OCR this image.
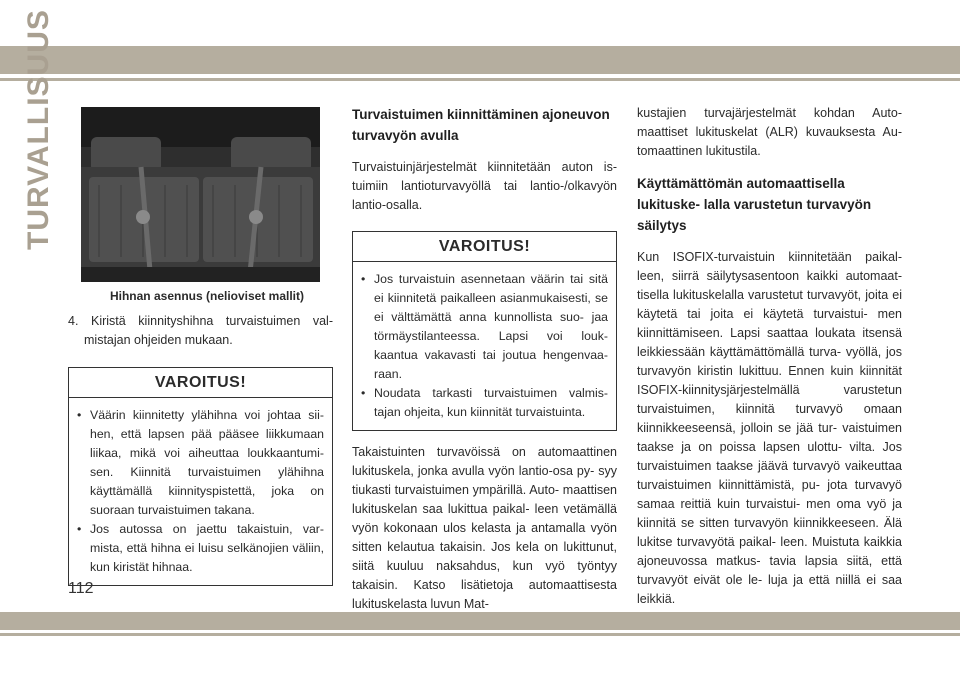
TURVALLISUUS
Hihnan asennus (nelioviset mallit)
4. Kiristä kiinnityshihna turvaistuimen val- mistajan ohjeiden mukaan.
VAROITUS!
• Väärin kiinnitetty ylähihna voi johtaa sii- hen, että lapsen pää pääsee liikkumaan liikaa, mikä voi aiheuttaa loukkaantumi- sen. Kiinnitä turvaistuimen ylähihna käyttämällä kiinnityspistettä, joka on suoraan turvaistuimen takana.
• Jos autossa on jaettu takaistuin, var- mista, että hihna ei luisu selkänojien väliin, kun kiristät hihnaa.
Turvaistuimen kiinnittäminen ajoneuvon turvavyön avulla

Turvaistuinjärjestelmät kiinnitetään auton is- tuimiin lantioturvavyöllä tai lantio-/olkavyön lantio-osalla.

VAROITUS!
• Jos turvaistuin asennetaan väärin tai sitä ei kiinnitetä paikalleen asianmukaisesti, se ei välttämättä anna kunnollista suo- jaa törmäystilanteessa. Lapsi voi louk- kaantua vakavasti tai joutua hengenvaa- raan.
• Noudata tarkasti turvaistuimen valmis- tajan ohjeita, kun kiinnität turvaistuinta.

Takaistuinten turvavöissä on automaattinen lukituskela, jonka avulla vyön lantio-osa py- syy tiukasti turvaistuimen ympärillä. Auto- maattisen lukituskelan saa lukittua paikal- leen vetämällä vyön kokonaan ulos kelasta ja antamalla vyön sitten kelautua takaisin. Jos kela on lukittunut, siitä kuuluu naksahdus, kun vyö työntyy takaisin. Katso lisätietoja automaattisesta lukituskelasta luvun Mat-

kustajien turvajärjestelmät kohdan Auto- maattiset lukituskelat (ALR) kuvauksesta Au- tomaattinen lukitustila.

Käyttämättömän automaattisella lukituske- lalla varustetun turvavyön säilytys

Kun ISOFIX-turvaistuin kiinnitetään paikal- leen, siirrä säilytysasentoon kaikki automaat- tisella lukituskelalla varustetut turvavyöt, joita ei käytetä tai joita ei käytetä turvaistui- men kiinnittämiseen. Lapsi saattaa loukata itsensä leikkiessään käyttämättömällä turva- vyöllä, jos turvavyön kiristin lukittuu. Ennen kuin kiinnität ISOFIX-kiinnitysjärjestelmällä varustetun turvaistuimen, kiinnitä turvavyö omaan kiinnikkeeseensä, jolloin se jää tur- vaistuimen taakse ja on poissa lapsen ulottu- vilta. Jos turvaistuimen taakse jäävä turvavyö vaikeuttaa turvaistuimen kiinnittämistä, pu- jota turvavyö samaa reittiä kuin turvaistui- men oma vyö ja kiinnitä se sitten turvavyön kiinnikkeeseen. Älä lukitse turvavyötä paikal- leen. Muistuta kaikkia ajoneuvossa matkus- tavia lapsia siitä, että turvavyöt eivät ole le- luja ja että niillä ei saa leikkiä.

112
